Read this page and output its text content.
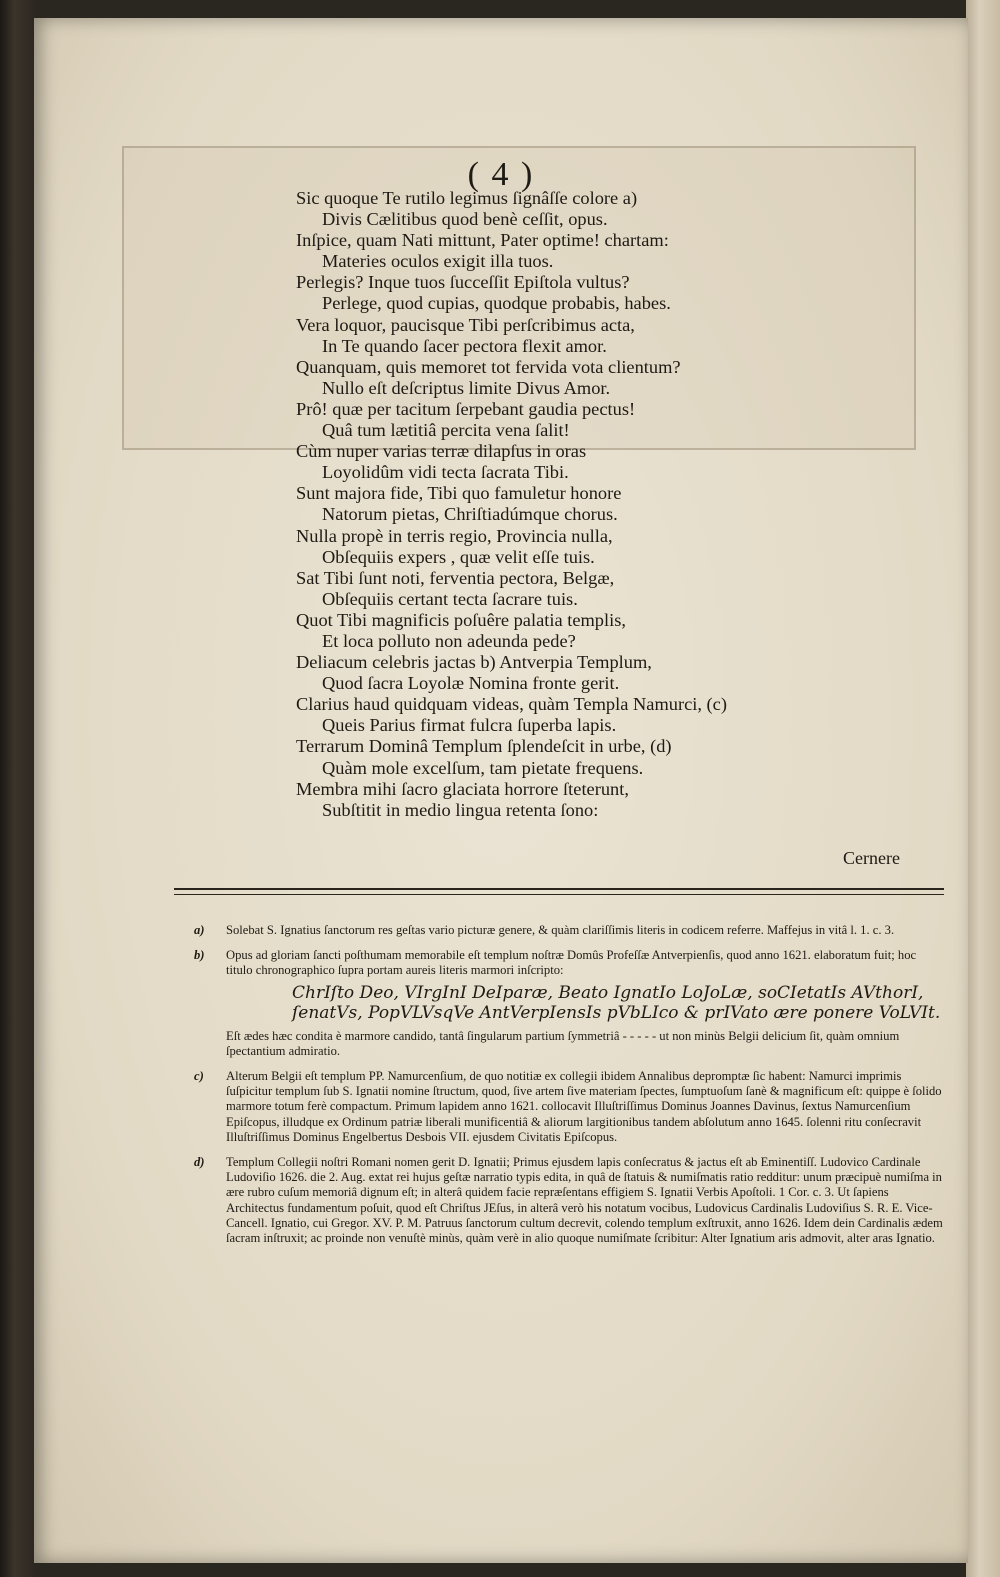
( 4 )
Sic quoque Te rutilo legimus ſignâſſe colore a)
Divis Cælitibus quod benè ceſſit, opus.
Inſpice, quam Nati mittunt, Pater optime! chartam:
Materies oculos exigit illa tuos.
Perlegis? Inque tuos ſucceſſit Epiſtola vultus?
Perlege, quod cupias, quodque probabis, habes.
Vera loquor, paucisque Tibi perſcribimus acta,
In Te quando ſacer pectora flexit amor.
Quanquam, quis memoret tot fervida vota clientum?
Nullo eſt deſcriptus limite Divus Amor.
Prô! quæ per tacitum ſerpebant gaudia pectus!
Quâ tum lætitiâ percita vena ſalit!
Cùm nuper varias terræ dilapſus in oras
Loyolidûm vidi tecta ſacrata Tibi.
Sunt majora fide, Tibi quo famuletur honore
Natorum pietas, Chriſtiadúmque chorus.
Nulla propè in terris regio, Provincia nulla,
Obſequiis expers , quæ velit eſſe tuis.
Sat Tibi ſunt noti, ferventia pectora, Belgæ,
Obſequiis certant tecta ſacrare tuis.
Quot Tibi magnificis poſuêre palatia templis,
Et loca polluto non adeunda pede?
Deliacum celebris jactas b) Antverpia Templum,
Quod ſacra Loyolæ Nomina fronte gerit.
Clarius haud quidquam videas, quàm Templa Namurci, (c)
Queis Parius firmat fulcra ſuperba lapis.
Terrarum Dominâ Templum ſplendeſcit in urbe, (d)
Quàm mole excelſum, tam pietate frequens.
Membra mihi ſacro glaciata horrore ſteterunt,
Subſtitit in medio lingua retenta ſono:
Cernere
a) Solebat S. Ignatius ſanctorum res geſtas vario picturæ genere, & quàm clariſſimis literis in codicem referre. Maffejus in vitâ l. 1. c. 3.

b) Opus ad gloriam ſancti poſthumam memorabile eſt templum noſtræ Domûs Profeſſæ Antverpienſis, quod anno 1621. elaboratum fuit; hoc titulo chronographico ſupra portam aureis literis marmori inſcripto:

ChrIſto Deo, VIrgInI DeIparæ, Beato IgnatIo LoJoLæ, soCIetatIs AVthorI, ſenatVs, PopVLVsqVe AntVerpIensIs pVbLIco & prIVato ære ponere VoLVIt.

Eſt ædes hæc condita è marmore candido, tantâ ſingularum partium ſymmetriâ - - - - - ut non minùs Belgii delicium ſit, quàm omnium ſpectantium admiratio.

c) Alterum Belgii eſt templum PP. Namurcenſium, de quo notitiæ ex collegii ibidem Annalibus depromptæ ſic habent: Namurci imprimis ſuſpicitur templum ſub S. Ignatii nomine ſtructum, quod, ſive artem ſive materiam ſpectes, ſumptuoſum ſanè & magnificum eſt: quippe è ſolido marmore totum ferè compactum. Primum lapidem anno 1621. collocavit Illuſtriſſimus Dominus Joannes Davinus, ſextus Namurcenſium Epiſcopus, illudque ex Ordinum patriæ liberali munificentiâ & aliorum largitionibus tandem abſolutum anno 1645. ſolenni ritu conſecravit Illuſtriſſimus Dominus Engelbertus Desbois VII. ejusdem Civitatis Epiſcopus.

d) Templum Collegii noſtri Romani nomen gerit D. Ignatii; Primus ejusdem lapis conſecratus & jactus eſt ab Eminentiſſ. Ludovico Cardinale Ludoviſio 1626. die 2. Aug. extat rei hujus geſtæ narratio typis edita, in quâ de ſtatuis & numiſmatis ratio redditur: unum præcipuè numiſma in ære rubro cuſum memoriâ dignum eſt; in alterâ quidem facie repræſentans effigiem S. Ignatii Verbis Apoſtoli. 1 Cor. c. 3. Ut ſapiens Architectus fundamentum poſuit, quod eſt Chriſtus JEſus, in alterâ verò his notatum vocibus, Ludovicus Cardinalis Ludoviſius S. R. E. Vice-Cancell. Ignatio, cui Gregor. XV. P. M. Patruus ſanctorum cultum decrevit, colendo templum exſtruxit, anno 1626. Idem dein Cardinalis ædem ſacram inſtruxit; ac proinde non venuſtè minùs, quàm verè in alio quoque numiſmate ſcribitur: Alter Ignatium aris admovit, alter aras Ignatio.
